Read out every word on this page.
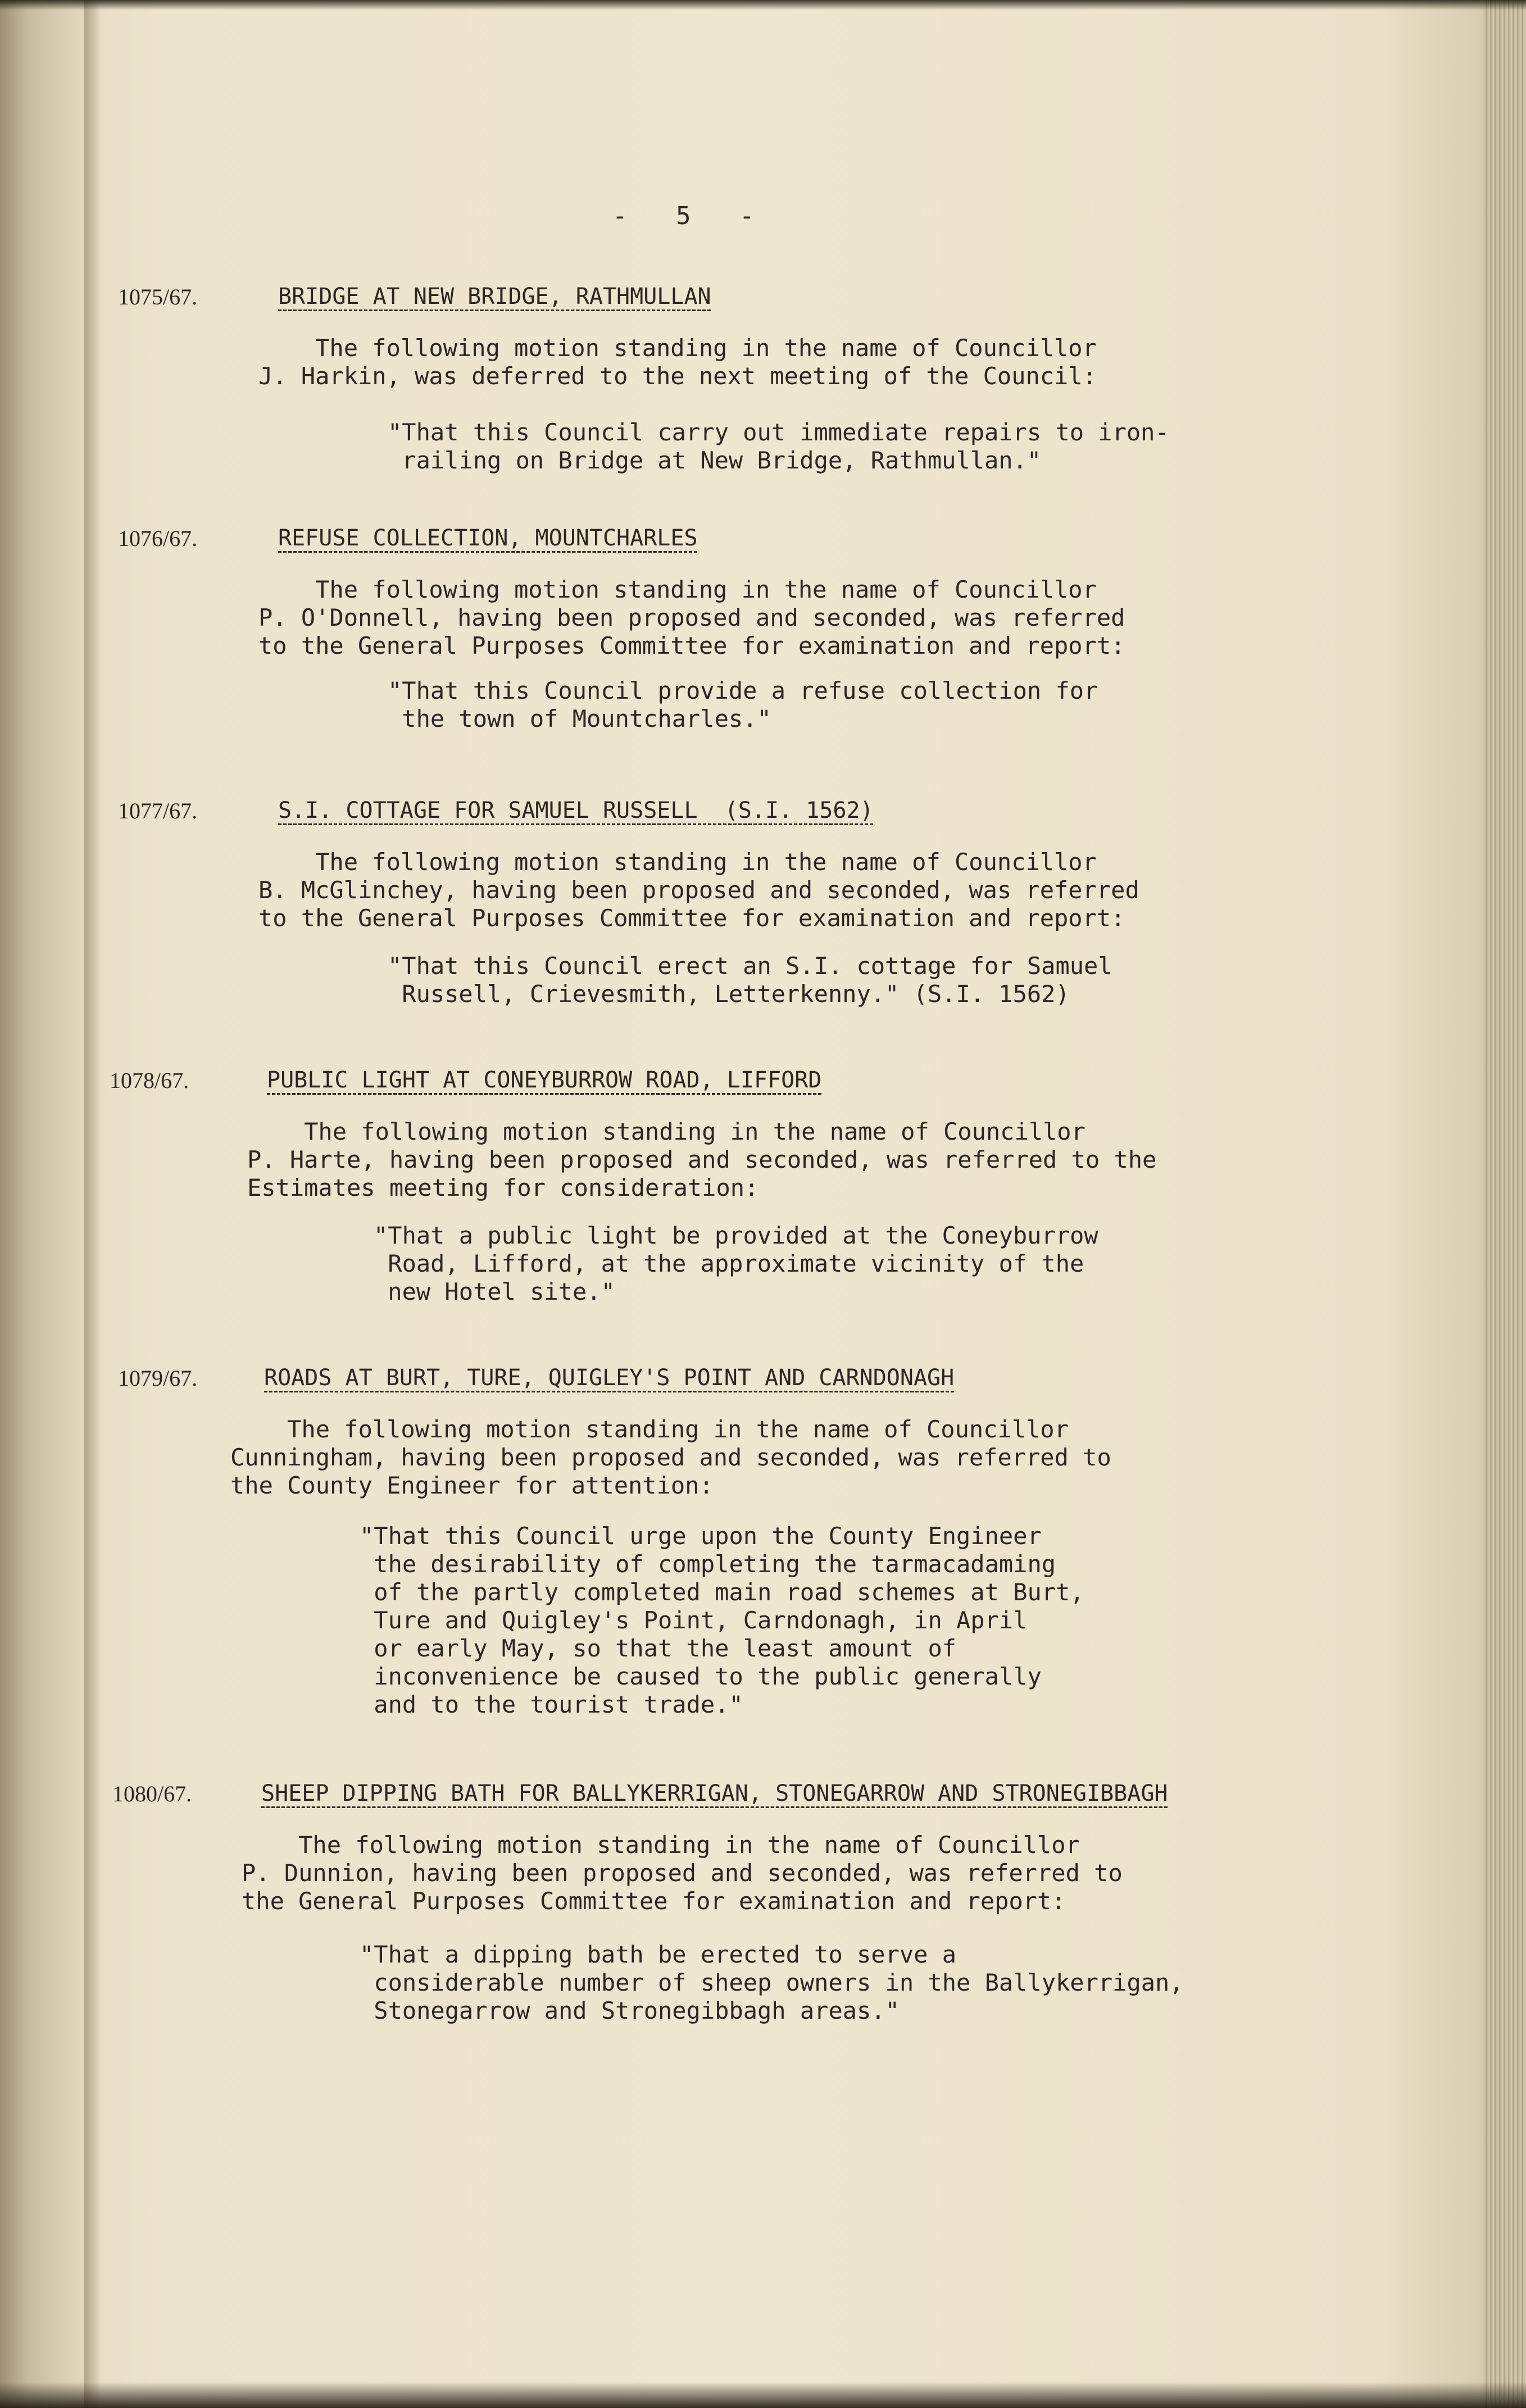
- 5 -
1075/67.	BRIDGE AT NEW BRIDGE, RATHMULLAN
The following motion standing in the name of Councillor
J. Harkin, was deferred to the next meeting of the Council:
"That this Council carry out immediate repairs to iron-
railing on Bridge at New Bridge, Rathmullan."
1076/67.	REFUSE COLLECTION, MOUNTCHARLES
The following motion standing in the name of Councillor
P. O'Donnell, having been proposed and seconded, was referred
to the General Purposes Committee for examination and report:
"That this Council provide a refuse collection for
the town of Mountcharles."
1077/67.	S.I. COTTAGE FOR SAMUEL RUSSELL  (S.I. 1562)
The following motion standing in the name of Councillor
B. McGlinchey, having been proposed and seconded, was referred
to the General Purposes Committee for examination and report:
"That this Council erect an S.I. cottage for Samuel
Russell, Crievesmith, Letterkenny." (S.I. 1562)
1078/67.	PUBLIC LIGHT AT CONEYBURROW ROAD, LIFFORD
The following motion standing in the name of Councillor
P. Harte, having been proposed and seconded, was referred to the
Estimates meeting for consideration:
"That a public light be provided at the Coneyburrow
Road, Lifford, at the approximate vicinity of the
new Hotel site."
1079/67.	ROADS AT BURT, TURE, QUIGLEY'S POINT AND CARNDONAGH
The following motion standing in the name of Councillor
Cunningham, having been proposed and seconded, was referred to
the County Engineer for attention:
"That this Council urge upon the County Engineer
the desirability of completing the tarmacadaming
of the partly completed main road schemes at Burt,
Ture and Quigley's Point, Carndonagh, in April
or early May, so that the least amount of
inconvenience be caused to the public generally
and to the tourist trade."
1080/67.	SHEEP DIPPING BATH FOR BALLYKERRIGAN, STONEGARROW AND STRONEGIBBAGH
The following motion standing in the name of Councillor
P. Dunnion, having been proposed and seconded, was referred to
the General Purposes Committee for examination and report:
"That a dipping bath be erected to serve a
considerable number of sheep owners in the Ballykerrigan,
Stonegarrow and Stronegibbagh areas."
